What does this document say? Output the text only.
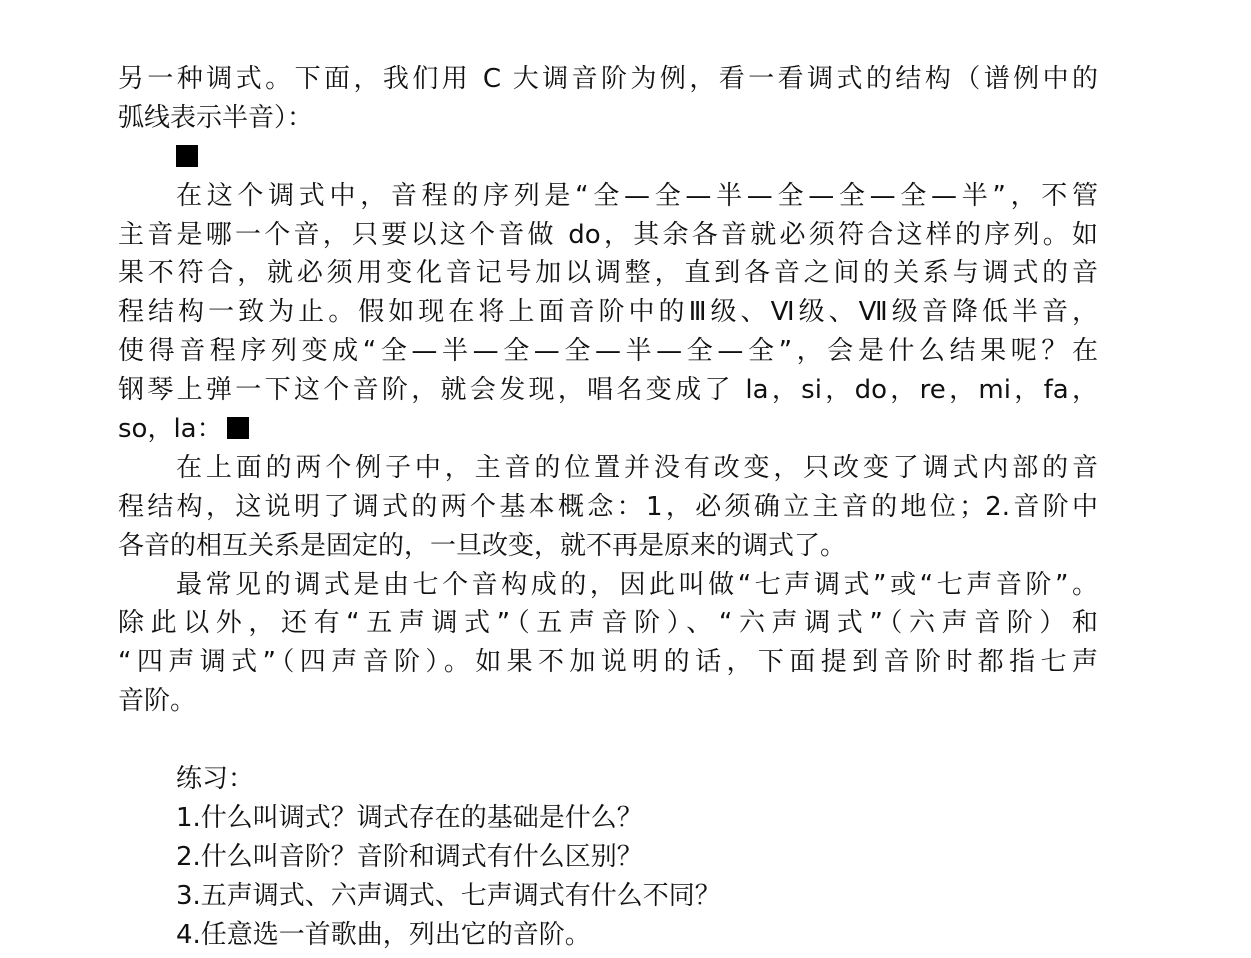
另一种调式。下面，我们用 C 大调音阶为例，看一看调式的结构（谱例中的
弧线表示半音）：
在这个调式中，音程的序列是“全—全—半—全—全—全—半”，不管
主音是哪一个音，只要以这个音做 do，其余各音就必须符合这样的序列。如
果不符合，就必须用变化音记号加以调整，直到各音之间的关系与调式的音
程结构一致为止。假如现在将上面音阶中的Ⅲ级、Ⅵ级、Ⅶ级音降低半音，
使得音程序列变成“全—半—全—全—半—全—全”，会是什么结果呢？在
钢琴上弹一下这个音阶，就会发现，唱名变成了 la，si，do，re，mi，fa，
so，la：
在上面的两个例子中，主音的位置并没有改变，只改变了调式内部的音
程结构，这说明了调式的两个基本概念：1，必须确立主音的地位；2.音阶中
各音的相互关系是固定的，一旦改变，就不再是原来的调式了。
最常见的调式是由七个音构成的，因此叫做“七声调式”或“七声音阶”。
除此以外，还有“五声调式”（五声音阶）、“六声调式”（六声音阶）和
“四声调式”（四声音阶）。如果不加说明的话，下面提到音阶时都指七声
音阶。
练习：
1.什么叫调式？调式存在的基础是什么？
2.什么叫音阶？音阶和调式有什么区别？
3.五声调式、六声调式、七声调式有什么不同？
4.任意选一首歌曲，列出它的音阶。
